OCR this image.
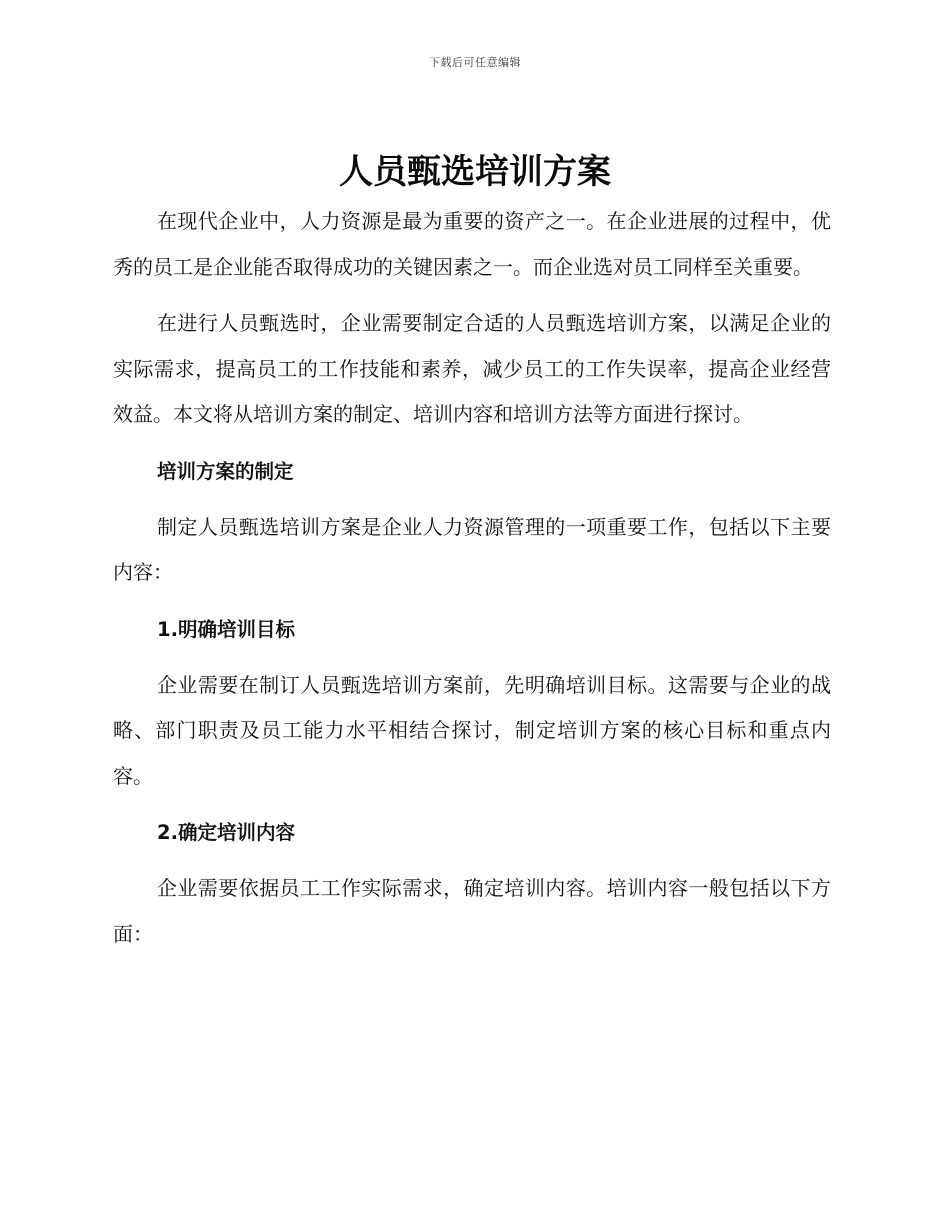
下载后可任意编辑
人员甄选培训方案

在现代企业中，人力资源是最为重要的资产之一。在企业进展的过程中，优秀的员工是企业能否取得成功的关键因素之一。而企业选对员工同样至关重要。

在进行人员甄选时，企业需要制定合适的人员甄选培训方案，以满足企业的实际需求，提高员工的工作技能和素养，减少员工的工作失误率，提高企业经营效益。本文将从培训方案的制定、培训内容和培训方法等方面进行探讨。

培训方案的制定

制定人员甄选培训方案是企业人力资源管理的一项重要工作，包括以下主要内容：

1.明确培训目标

企业需要在制订人员甄选培训方案前，先明确培训目标。这需要与企业的战略、部门职责及员工能力水平相结合探讨，制定培训方案的核心目标和重点内容。

2.确定培训内容

企业需要依据员工工作实际需求，确定培训内容。培训内容一般包括以下方面：
